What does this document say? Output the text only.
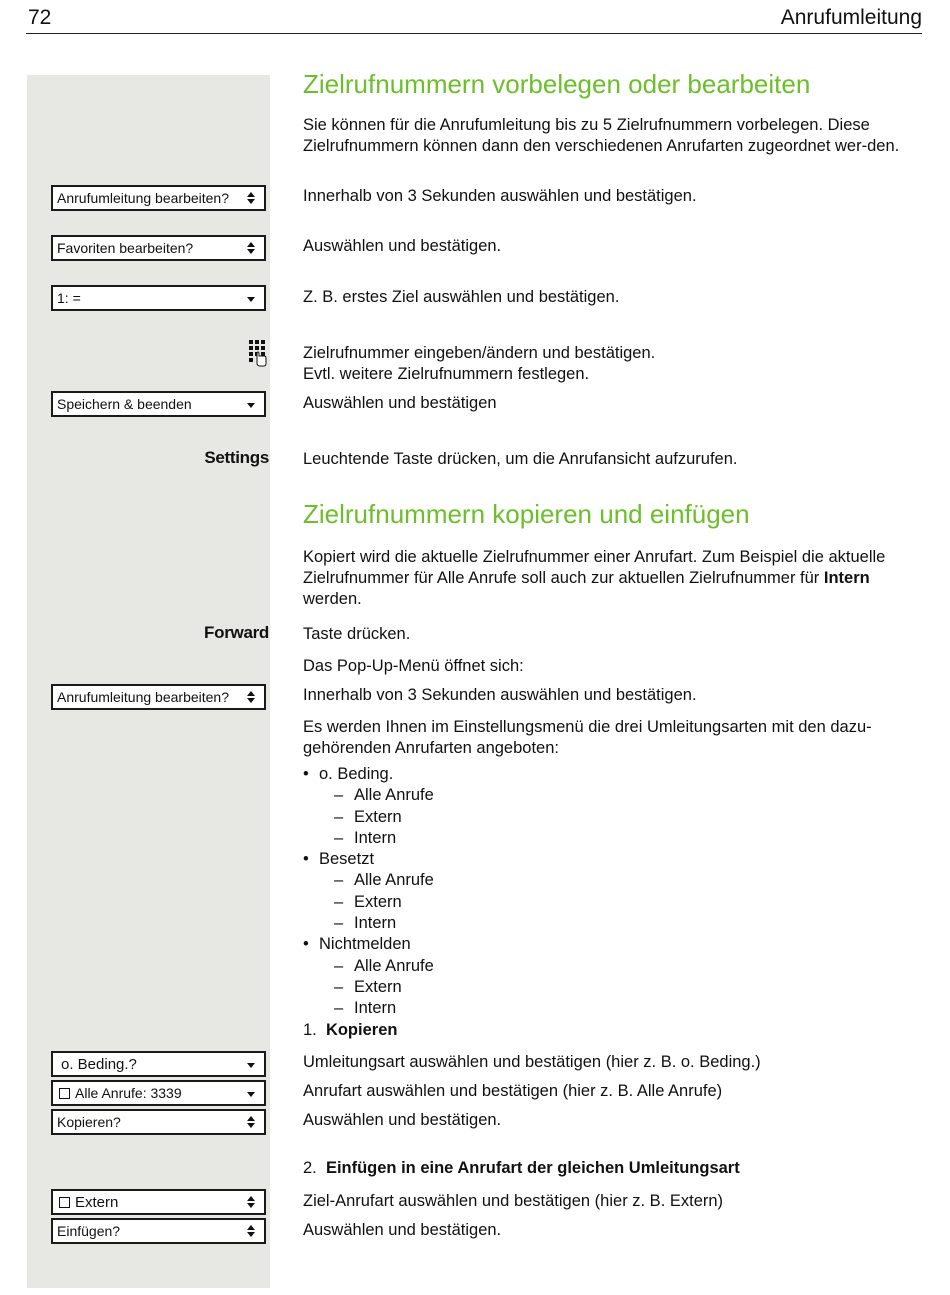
72	Anrufumleitung
Anrufumleitung bearbeiten?
Favoriten bearbeiten?
1: =
Speichern & beenden
Anrufumleitung bearbeiten?
o. Beding.?
Alle Anrufe: 3339
Kopieren?
Extern
Einfügen?
Settings
Forward
Zielrufnummern vorbelegen oder bearbeiten

Sie können für die Anrufumleitung bis zu 5 Zielrufnummern vorbelegen. Diese Zielrufnummern können dann den verschiedenen Anrufarten zugeordnet wer-den.

Innerhalb von 3 Sekunden auswählen und bestätigen.

Auswählen und bestätigen.

Z. B. erstes Ziel auswählen und bestätigen.

Zielrufnummer eingeben/ändern und bestätigen.

Evtl. weitere Zielrufnummern festlegen.

Auswählen und bestätigen

Leuchtende Taste drücken, um die Anrufansicht aufzurufen.

Zielrufnummern kopieren und einfügen

Kopiert wird die aktuelle Zielrufnummer einer Anrufart. Zum Beispiel die aktuelle Zielrufnummer für Alle Anrufe soll auch zur aktuellen Zielrufnummer für Intern werden.

Taste drücken.

Das Pop-Up-Menü öffnet sich:

Innerhalb von 3 Sekunden auswählen und bestätigen.

Es werden Ihnen im Einstellungsmenü die drei Umleitungsarten mit den dazu-gehörenden Anrufarten angeboten:

• o. Beding.
– Alle Anrufe
– Extern
– Intern
• Besetzt
– Alle Anrufe
– Extern
– Intern
• Nichtmelden
– Alle Anrufe
– Extern
– Intern

1. Kopieren

Umleitungsart auswählen und bestätigen (hier z. B. o. Beding.)

Anrufart auswählen und bestätigen (hier z. B. Alle Anrufe)

Auswählen und bestätigen.

2. Einfügen in eine Anrufart der gleichen Umleitungsart

Ziel-Anrufart auswählen und bestätigen (hier z. B. Extern)

Auswählen und bestätigen.
